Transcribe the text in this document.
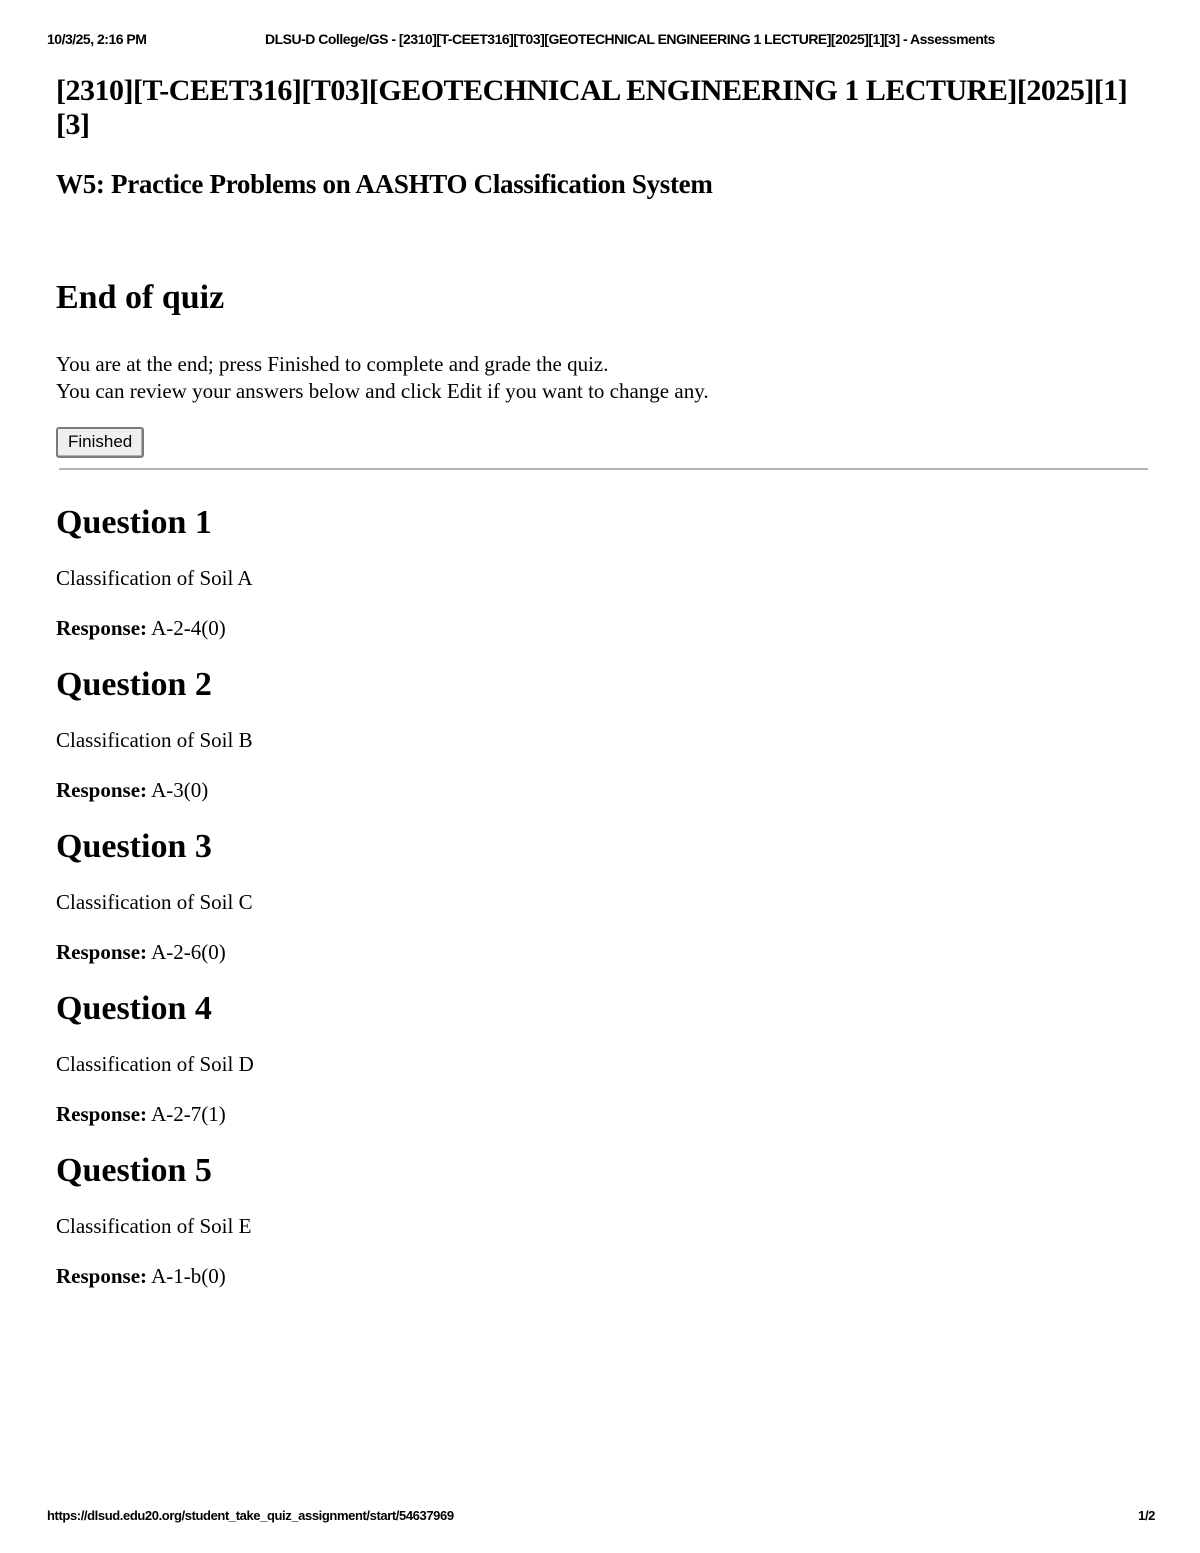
10/3/25, 2:16 PM	DLSU-D College/GS - [2310][T-CEET316][T03][GEOTECHNICAL ENGINEERING 1 LECTURE][2025][1][3] - Assessments
[2310][T-CEET316][T03][GEOTECHNICAL ENGINEERING 1 LECTURE][2025][1][3]
W5: Practice Problems on AASHTO Classification System
End of quiz
You are at the end; press Finished to complete and grade the quiz.
You can review your answers below and click Edit if you want to change any.
Finished
Question 1
Classification of Soil A
Response: A-2-4(0)
Question 2
Classification of Soil B
Response: A-3(0)
Question 3
Classification of Soil C
Response: A-2-6(0)
Question 4
Classification of Soil D
Response: A-2-7(1)
Question 5
Classification of Soil E
Response: A-1-b(0)
https://dlsud.edu20.org/student_take_quiz_assignment/start/54637969	1/2
